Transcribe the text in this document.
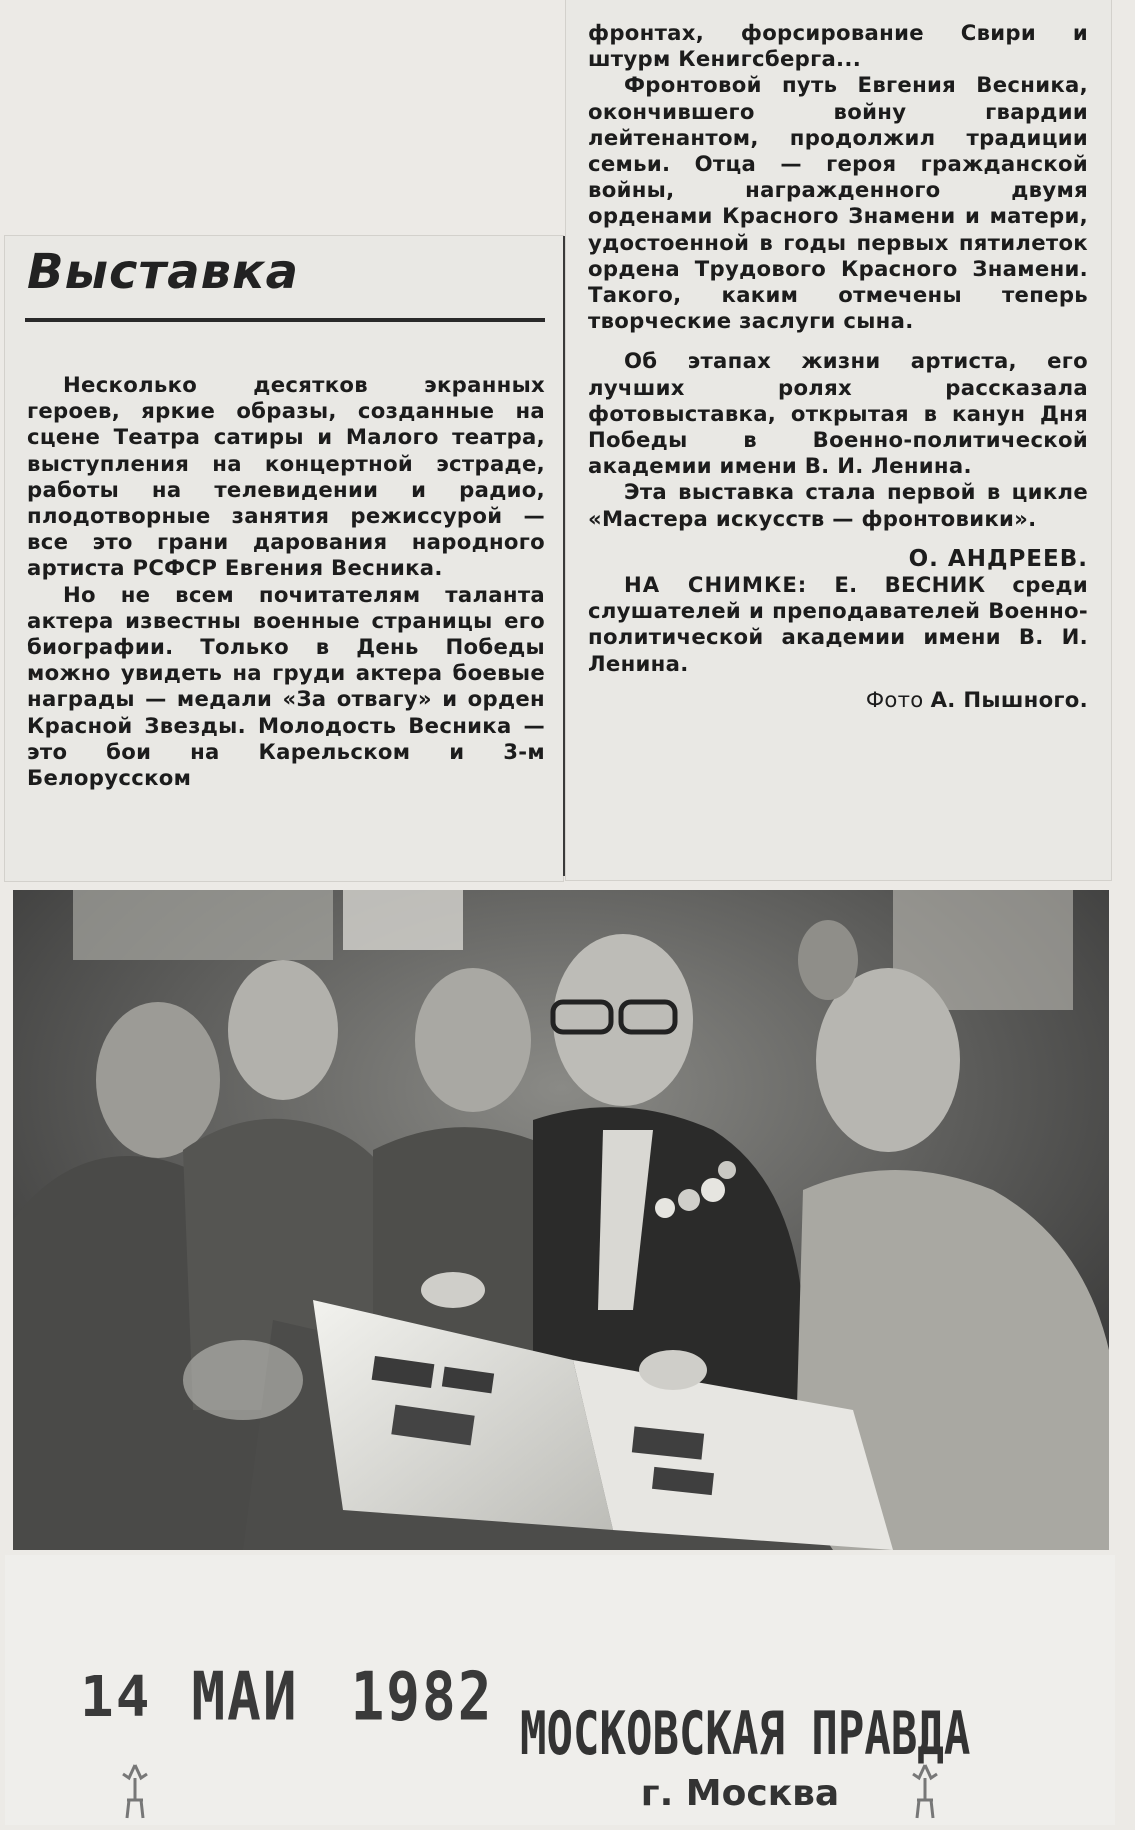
Выставка

Несколько десятков экранных героев, яркие образы, созданные на сцене Театра сатиры и Малого театра, выступления на концертной эстраде, работы на телевидении и радио, плодотворные занятия режиссурой — все это грани дарования народного артиста РСФСР Евгения Весника.

Но не всем почитателям таланта актера известны военные страницы его биографии. Только в День Победы можно увидеть на груди актера боевые награды — медали «За отвагу» и орден Красной Звезды. Молодость Весника — это бои на Карельском и 3-м Белорусском

фронтах, форсирование Свири и штурм Кенигсберга...

Фронтовой путь Евгения Весника, окончившего войну гвардии лейтенантом, продолжил традиции семьи. Отца — героя гражданской войны, награжденного двумя орденами Красного Знамени и матери, удостоенной в годы первых пятилеток ордена Трудового Красного Знамени. Такого, каким отмечены теперь творческие заслуги сына.

Об этапах жизни артиста, его лучших ролях рассказала фотовыставка, открытая в канун Дня Победы в Военно-политической академии имени В. И. Ленина.

Эта выставка стала первой в цикле «Мастера искусств — фронтовики».

О. АНДРЕЕВ.

НА СНИМКЕ: Е. ВЕСНИК среди слушателей и преподавателей Военно-политической академии имени В. И. Ленина.

Фото А. Пышного.
14 МАИ 1982 МОСКОВСКАЯ ПРАВДА
г. Москва
